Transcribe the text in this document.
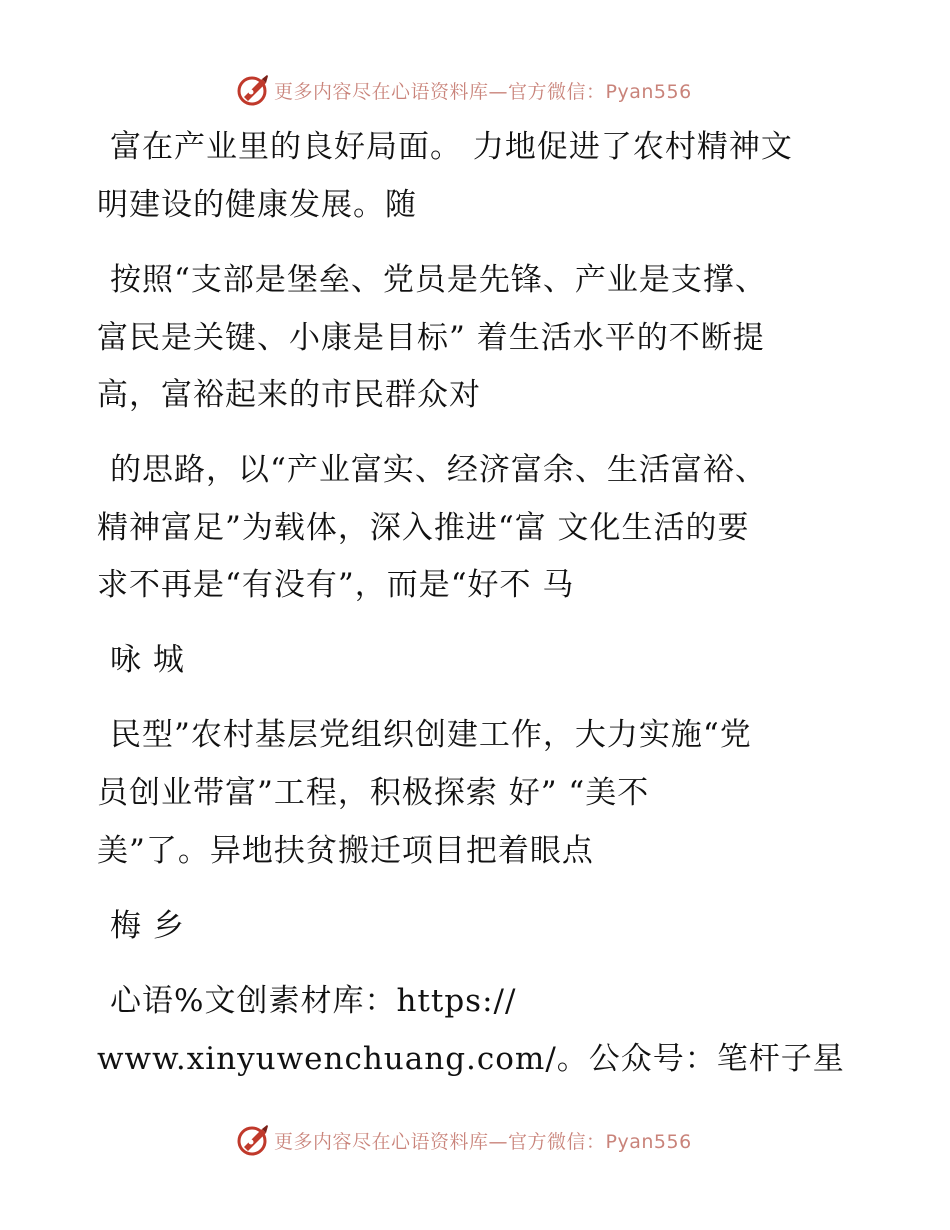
更多内容尽在心语资料库—官方微信：Pyan556
富在产业里的良好局面。 力地促进了农村精神文
明建设的健康发展。随
按照“支部是堡垒、党员是先锋、产业是支撑、
富民是关键、小康是目标” 着生活水平的不断提
高，富裕起来的市民群众对
的思路，以“产业富实、经济富余、生活富裕、
精神富足”为载体，深入推进“富 文化生活的要
求不再是“有没有”，而是“好不 马
咏 城
民型”农村基层党组织创建工作，大力实施“党
员创业带富”工程，积极探索 好” “美不
美”了。异地扶贫搬迁项目把着眼点
梅 乡
心语%文创素材库：https://
www.xinyuwenchuang.com/。公众号：笔杆子星
更多内容尽在心语资料库—官方微信：Pyan556
